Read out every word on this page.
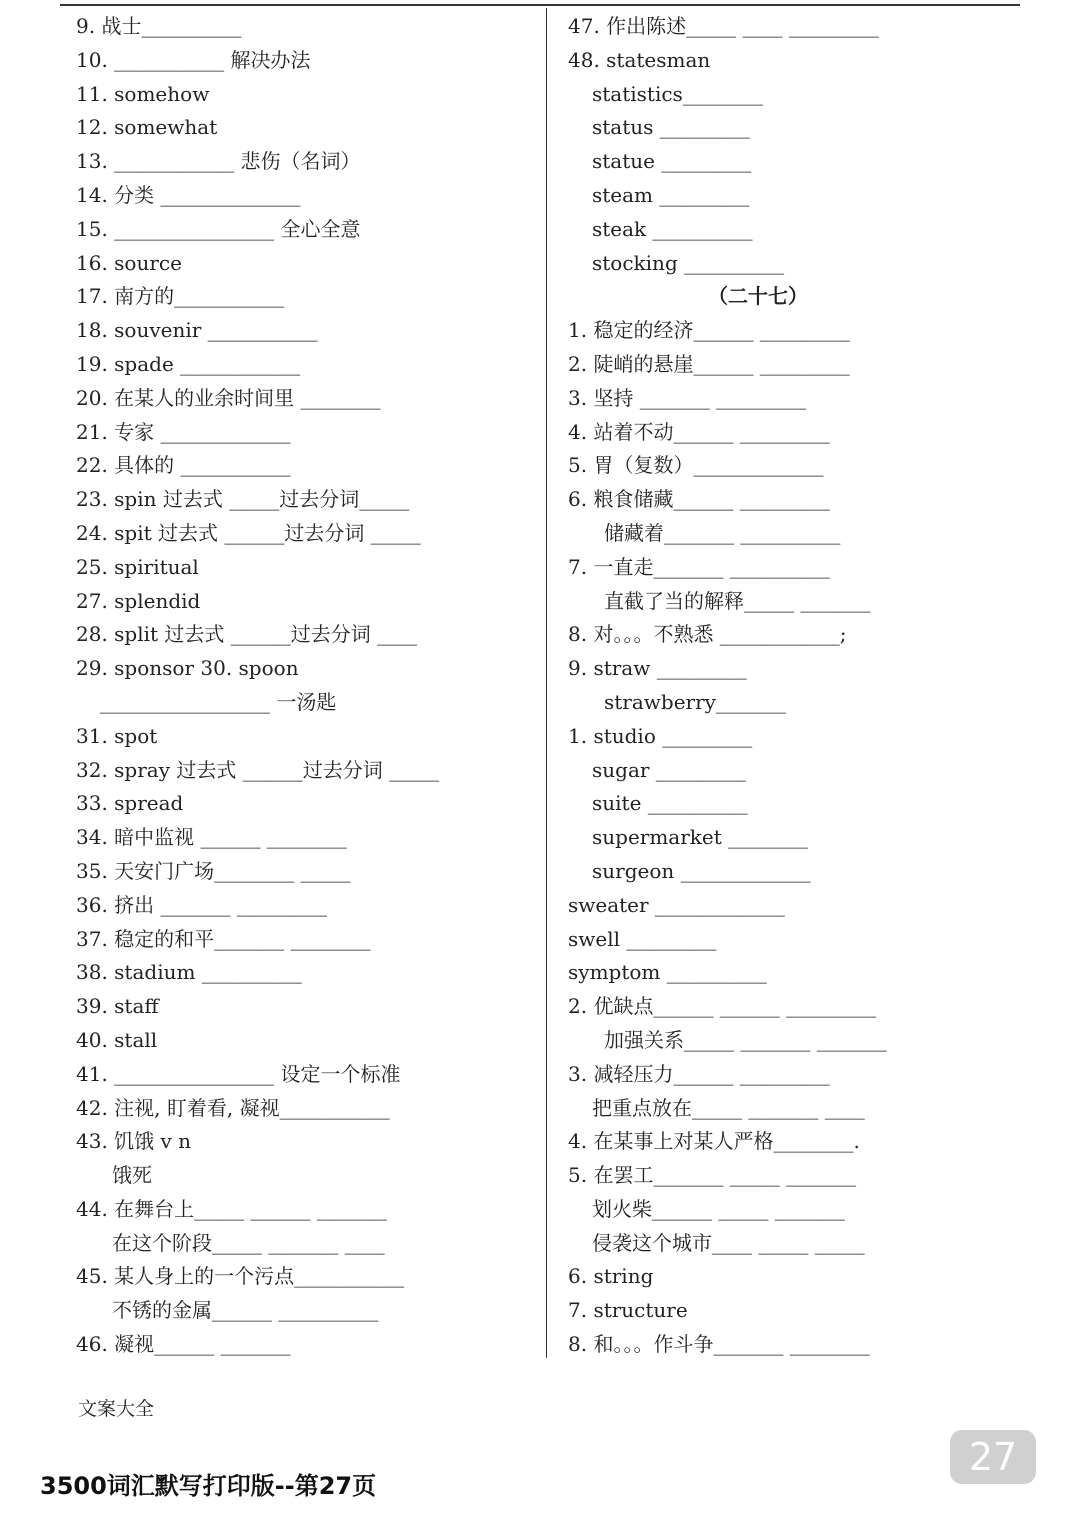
9. 战士__________
10. ___________ 解决办法
11. somehow
12. somewhat
13. ____________ 悲伤（名词）
14. 分类 ______________
15. ________________ 全心全意
16. source
17. 南方的___________
18. souvenir ___________
19. spade ____________
20. 在某人的业余时间里 ________
21. 专家 _____________
22. 具体的 ___________
23. spin 过去式 _____过去分词_____
24. spit 过去式 ______过去分词 _____
25. spiritual
27. splendid
28. split 过去式 ______过去分词 ____
29. sponsor 30. spoon
_________________ 一汤匙
31. spot
32. spray 过去式 ______过去分词 _____
33. spread
34. 暗中监视 ______ ________
35. 天安门广场________ _____
36. 挤出 _______ _________
37. 稳定的和平_______ ________
38. stadium __________
39. staff
40. stall
41. ________________ 设定一个标准
42. 注视, 盯着看, 凝视___________
43. 饥饿 v n
饿死
44. 在舞台上_____ ______ _______
在这个阶段_____ _______ ____
45. 某人身上的一个污点___________
不锈的金属______ __________
46. 凝视______ _______
47. 作出陈述_____ ____ _________
48. statesman
statistics________
status _________
statue _________
steam _________
steak __________
stocking __________
（二十七）
1. 稳定的经济______ _________
2. 陡峭的悬崖______ _________
3. 坚持 _______ _________
4. 站着不动______ _________
5. 胃（复数）_____________
6. 粮食储藏______ _________
储藏着_______ __________
7. 一直走_______ __________
直截了当的解释_____ _______
8. 对。。。不熟悉 ____________;
9. straw _________
strawberry_______
1. studio _________
sugar _________
suite __________
supermarket ________
surgeon _____________
sweater _____________
swell _________
symptom __________
2. 优缺点______ ______ _________
加强关系_____ _______ _______
3. 减轻压力______ _________
把重点放在_____ _______ ____
4. 在某事上对某人严格________.
5. 在罢工_______ _____ _______
划火柴______ _____ _______
侵袭这个城市____ _____ _____
6. string
7. structure
8. 和。。。作斗争_______ ________
文案大全
3500词汇默写打印版--第27页
27
